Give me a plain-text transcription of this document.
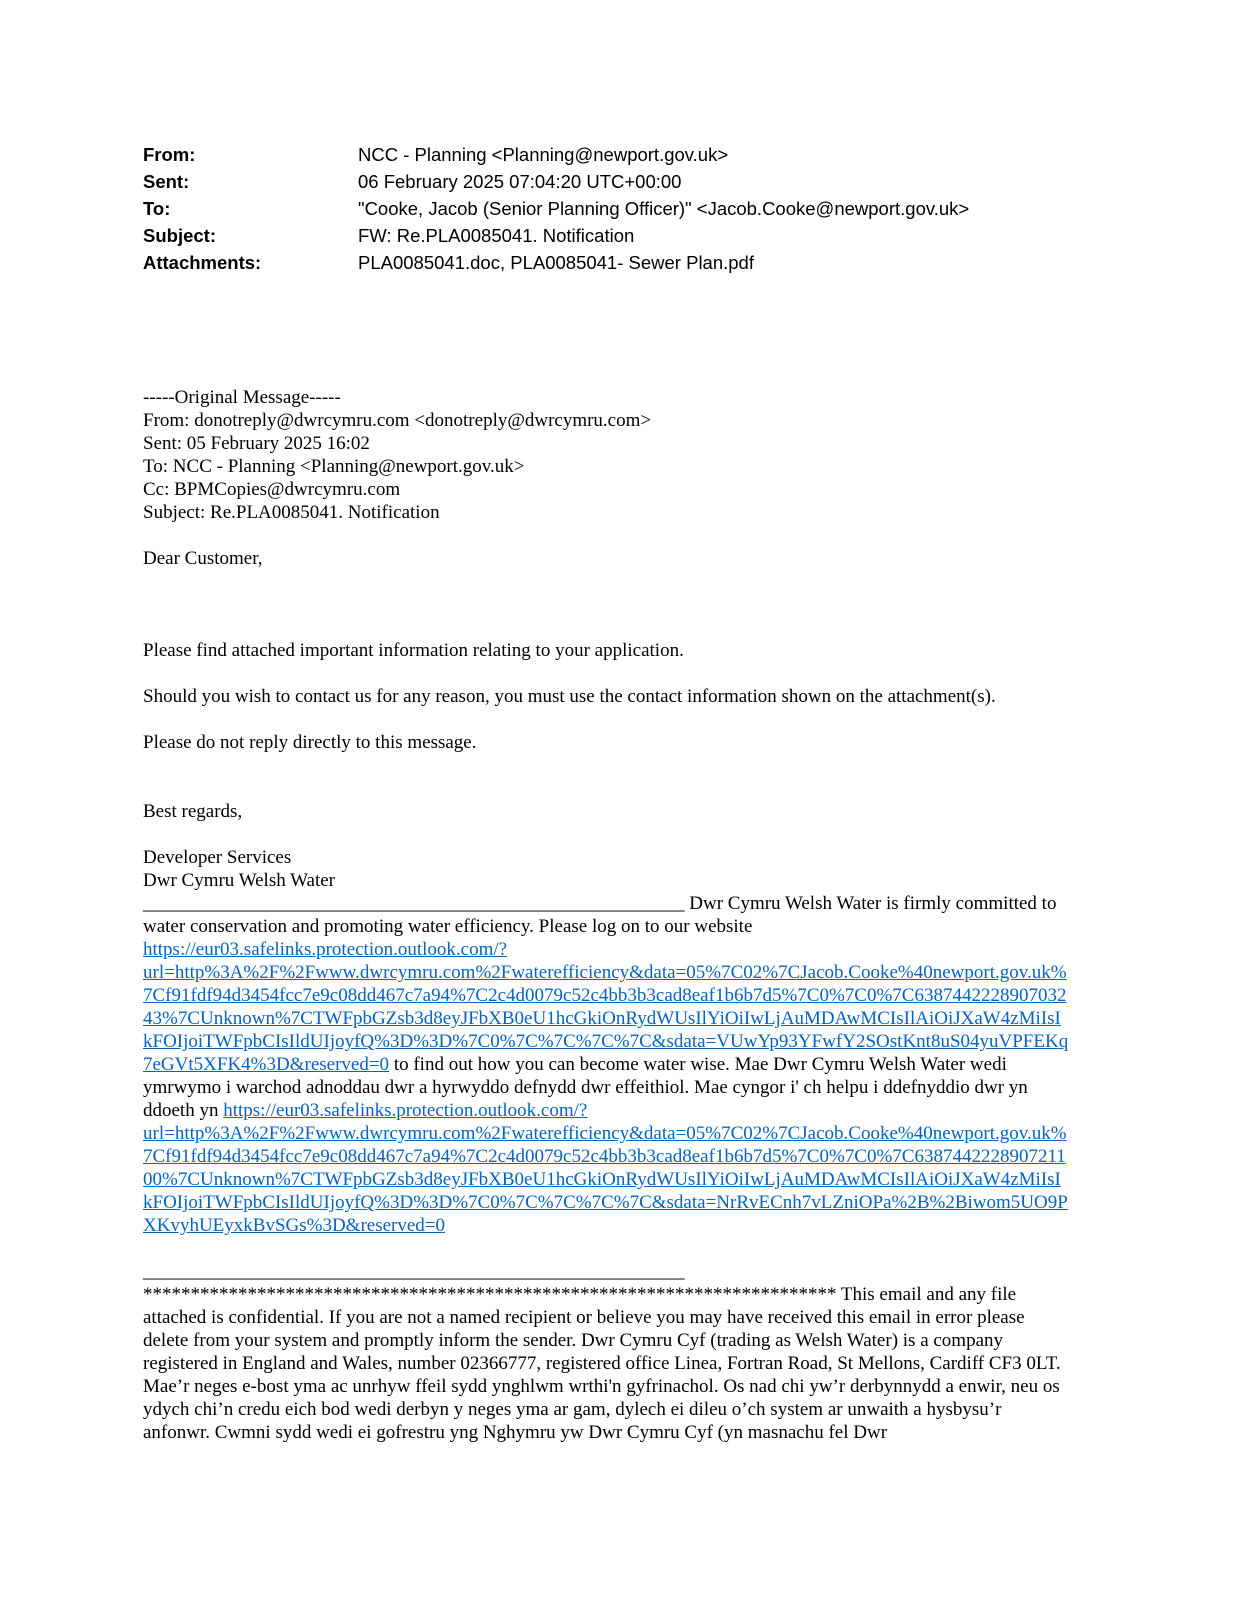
From:	NCC - Planning <Planning@newport.gov.uk>
Sent:	06 February 2025 07:04:20 UTC+00:00
To:	"Cooke, Jacob (Senior Planning Officer)" <Jacob.Cooke@newport.gov.uk>
Subject:	FW: Re.PLA0085041. Notification
Attachments:	PLA0085041.doc, PLA0085041- Sewer Plan.pdf

-----Original Message-----

From: donotreply@dwrcymru.com <donotreply@dwrcymru.com>

Sent: 05 February 2025 16:02

To: NCC - Planning <Planning@newport.gov.uk>

Cc: BPMCopies@dwrcymru.com

Subject: Re.PLA0085041. Notification

Dear Customer,

Please find attached important information relating to your application.

Should you wish to contact us for any reason, you must use the contact information shown on the attachment(s).

Please do not reply directly to this message.

Best regards,

Developer Services

Dwr Cymru Welsh Water

_________________________________________________________ Dwr Cymru Welsh Water is firmly committed to water conservation and promoting water efficiency. Please log on to our website https://eur03.safelinks.protection.outlook.com/?url=http%3A%2F%2Fwww.dwrcymru.com%2Fwaterefficiency&data=05%7C02%7CJacob.Cooke%40newport.gov.uk%7Cf91fdf94d3454fcc7e9c08dd467c7a94%7C2c4d0079c52c4bb3b3cad8eaf1b6b7d5%7C0%7C0%7C638744222890703243%7CUnknown%7CTWFpbGZsb3d8eyJFbXB0eU1hcGkiOnRydWUsIlYiOiIwLjAuMDAwMCIsIlAiOiJXaW4zMiIsIkFOIjoiTWFpbCIsIldUIjoyfQ%3D%3D%7C0%7C%7C%7C%7C&sdata=VUwYp93YFwfY2SOstKnt8uS04yuVPFEKq7eGVt5XFK4%3D&reserved=0 to find out how you can become water wise. Mae Dwr Cymru Welsh Water wedi ymrwymo i warchod adnoddau dwr a hyrwyddo defnydd dwr effeithiol. Mae cyngor i' ch helpu i ddefnyddio dwr yn ddoeth yn https://eur03.safelinks.protection.outlook.com/?url=http%3A%2F%2Fwww.dwrcymru.com%2Fwaterefficiency&data=05%7C02%7CJacob.Cooke%40newport.gov.uk%7Cf91fdf94d3454fcc7e9c08dd467c7a94%7C2c4d0079c52c4bb3b3cad8eaf1b6b7d5%7C0%7C0%7C638744222890721100%7CUnknown%7CTWFpbGZsb3d8eyJFbXB0eU1hcGkiOnRydWUsIlYiOiIwLjAuMDAwMCIsIlAiOiJXaW4zMiIsIkFOIjoiTWFpbCIsIldUIjoyfQ%3D%3D%7C0%7C%7C%7C%7C&sdata=NrRvECnh7vLZniOPa%2B%2Biwom5UO9PXKvyhUEyxkBvSGs%3D&reserved=0

_________________________________________________________

************************************************************************* This email and any file attached is confidential. If you are not a named recipient or believe you may have received this email in error please delete from your system and promptly inform the sender. Dwr Cymru Cyf (trading as Welsh Water) is a company registered in England and Wales, number 02366777, registered office Linea, Fortran Road, St Mellons, Cardiff CF3 0LT. Mae’r neges e-bost yma ac unrhyw ffeil sydd ynghlwm wrthi'n gyfrinachol. Os nad chi yw’r derbynnydd a enwir, neu os ydych chi’n credu eich bod wedi derbyn y neges yma ar gam, dylech ei dileu o’ch system ar unwaith a hysbysu’r anfonwr. Cwmni sydd wedi ei gofrestru yng Nghymru yw Dwr Cymru Cyf (yn masnachu fel Dwr
